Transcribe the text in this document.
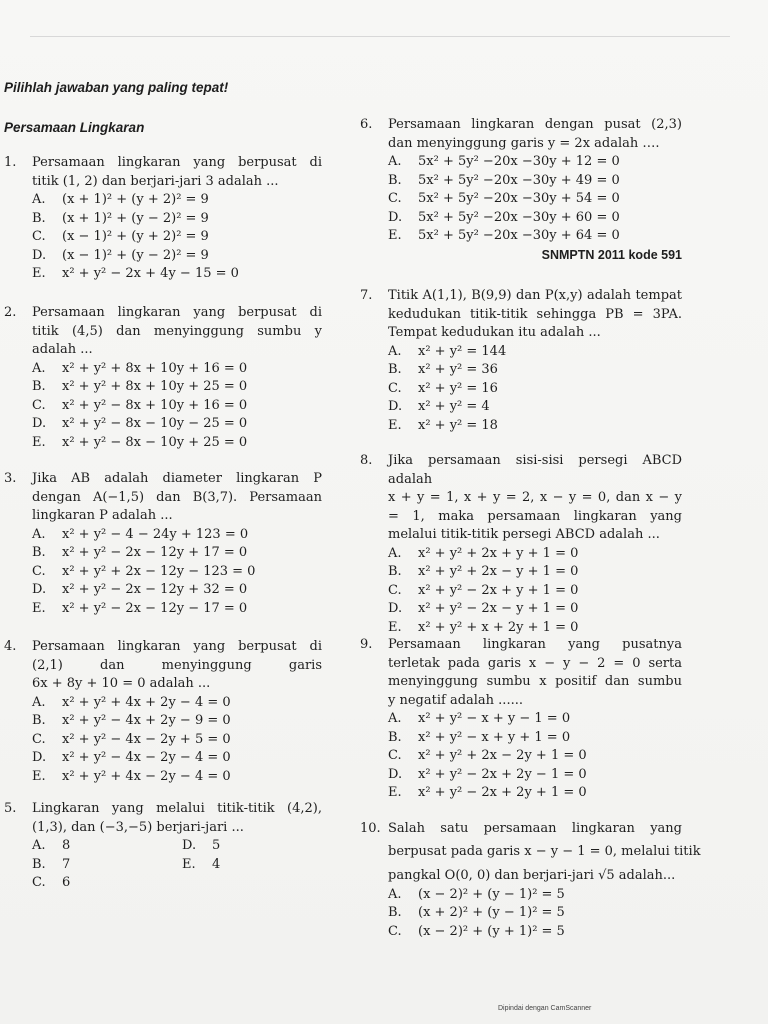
Pilihlah jawaban yang paling tepat!
Persamaan Lingkaran
1.	Persamaan lingkaran yang berpusat di
titik (1, 2) dan berjari-jari 3 adalah ...
A. (x + 1)² + (y + 2)² = 9
B. (x + 1)² + (y − 2)² = 9
C. (x − 1)² + (y + 2)² = 9
D. (x − 1)² + (y − 2)² = 9
E. x² + y² − 2x + 4y − 15 = 0
2.	Persamaan lingkaran yang berpusat di
titik (4,5) dan menyinggung sumbu y
adalah ...
A. x² + y² + 8x + 10y + 16 = 0
B. x² + y² + 8x + 10y + 25 = 0
C. x² + y² − 8x + 10y + 16 = 0
D. x² + y² − 8x − 10y − 25 = 0
E. x² + y² − 8x − 10y + 25 = 0
3.	Jika AB adalah diameter lingkaran P
dengan A(−1,5) dan B(3,7). Persamaan
lingkaran P adalah ...
A. x² + y² − 4 − 24y + 123 = 0
B. x² + y² − 2x − 12y + 17 = 0
C. x² + y² + 2x − 12y − 123 = 0
D. x² + y² − 2x − 12y + 32 = 0
E. x² + y² − 2x − 12y − 17 = 0
4.	Persamaan lingkaran yang berpusat di
(2,1) dan menyinggung garis
6x + 8y + 10 = 0 adalah ...
A. x² + y² + 4x + 2y − 4 = 0
B. x² + y² − 4x + 2y − 9 = 0
C. x² + y² − 4x − 2y + 5 = 0
D. x² + y² − 4x − 2y − 4 = 0
E. x² + y² + 4x − 2y − 4 = 0
5.	Lingkaran yang melalui titik-titik (4,2),
(1,3), dan (−3,−5) berjari-jari ...
A. 8	D. 5
B. 7	E. 4
C. 6
6.	Persamaan lingkaran dengan pusat (2,3)
dan menyinggung garis y = 2x adalah ….
A. 5x² + 5y² −20x −30y + 12 = 0
B. 5x² + 5y² −20x −30y + 49 = 0
C. 5x² + 5y² −20x −30y + 54 = 0
D. 5x² + 5y² −20x −30y + 60 = 0
E. 5x² + 5y² −20x −30y + 64 = 0
SNMPTN 2011 kode 591
7.	Titik A(1,1), B(9,9) dan P(x,y) adalah tempat
kedudukan titik-titik sehingga PB = 3PA.
Tempat kedudukan itu adalah ...
A. x² + y² = 144
B. x² + y² = 36
C. x² + y² = 16
D. x² + y² = 4
E. x² + y² = 18
8.	Jika persamaan sisi-sisi persegi ABCD adalah
x + y = 1, x + y = 2, x − y = 0, dan x − y
= 1, maka persamaan lingkaran yang
melalui titik-titik persegi ABCD adalah ...
A. x² + y² + 2x + y + 1 = 0
B. x² + y² + 2x − y + 1 = 0
C. x² + y² − 2x + y + 1 = 0
D. x² + y² − 2x − y + 1 = 0
E. x² + y² + x + 2y + 1 = 0
9.	Persamaan lingkaran yang pusatnya
terletak pada garis x − y − 2 = 0 serta
menyinggung sumbu x positif dan sumbu
y negatif adalah ......
A. x² + y² − x + y − 1 = 0
B. x² + y² − x + y + 1 = 0
C. x² + y² + 2x − 2y + 1 = 0
D. x² + y² − 2x + 2y − 1 = 0
E. x² + y² − 2x + 2y + 1 = 0
10. Salah satu persamaan lingkaran yang
berpusat pada garis x − y − 1 = 0, melalui titik
pangkal O(0, 0) dan berjari-jari √5 adalah...
A. (x − 2)² + (y − 1)² = 5
B. (x + 2)² + (y − 1)² = 5
C. (x − 2)² + (y + 1)² = 5
Dipindai dengan CamScanner
